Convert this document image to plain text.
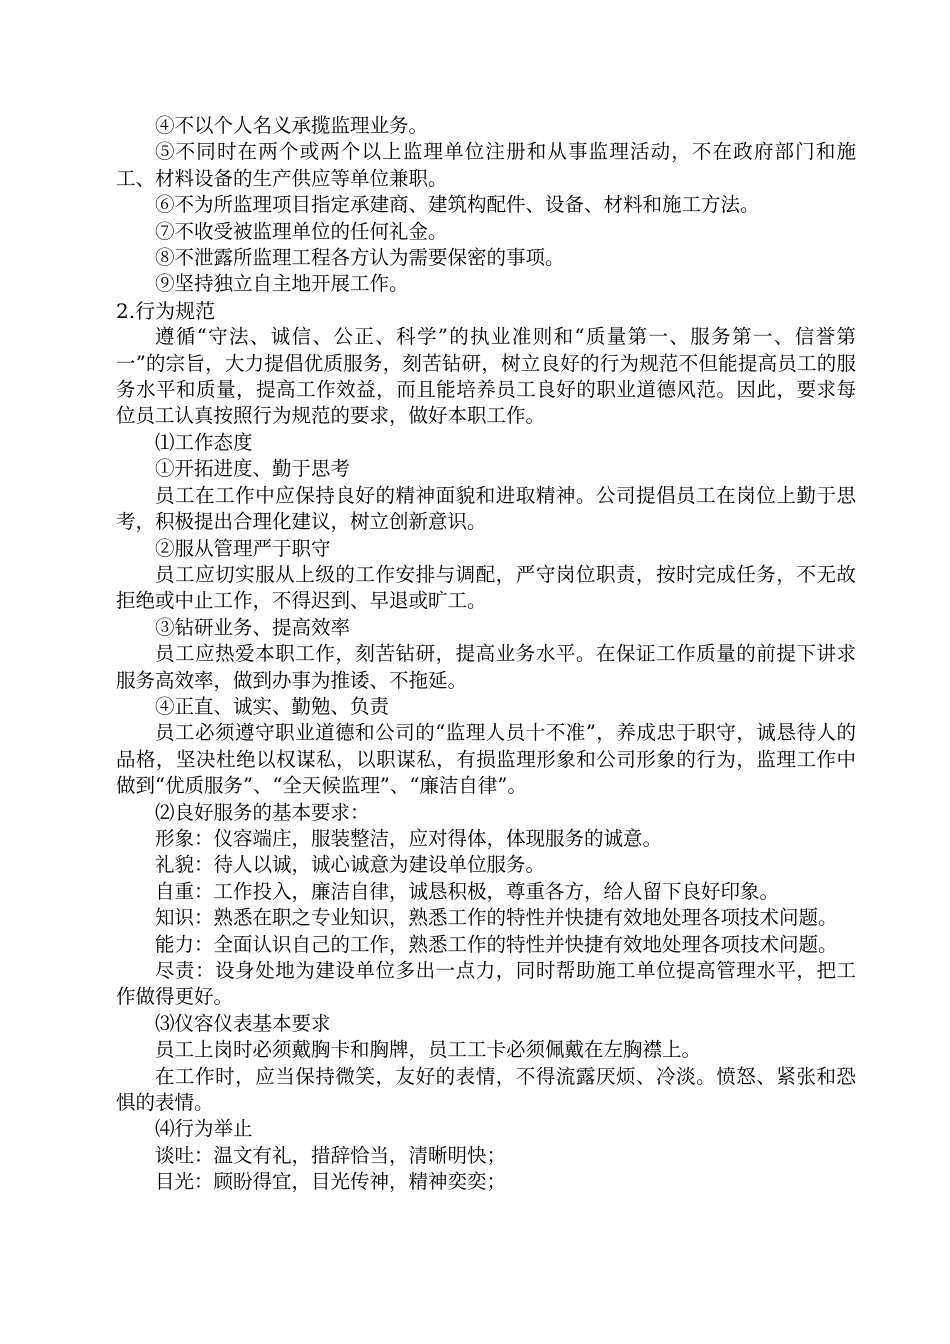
④不以个人名义承揽监理业务。

⑤不同时在两个或两个以上监理单位注册和从事监理活动，不在政府部门和施工、材料设备的生产供应等单位兼职。

⑥不为所监理项目指定承建商、建筑构配件、设备、材料和施工方法。

⑦不收受被监理单位的任何礼金。

⑧不泄露所监理工程各方认为需要保密的事项。

⑨坚持独立自主地开展工作。

2.行为规范

遵循“守法、诚信、公正、科学”的执业准则和“质量第一、服务第一、信誉第一”的宗旨，大力提倡优质服务，刻苦钻研，树立良好的行为规范不但能提高员工的服务水平和质量，提高工作效益，而且能培养员工良好的职业道德风范。因此，要求每位员工认真按照行为规范的要求，做好本职工作。

⑴工作态度

①开拓进度、勤于思考

员工在工作中应保持良好的精神面貌和进取精神。公司提倡员工在岗位上勤于思考，积极提出合理化建议，树立创新意识。

②服从管理严于职守

员工应切实服从上级的工作安排与调配，严守岗位职责，按时完成任务，不无故拒绝或中止工作，不得迟到、早退或旷工。

③钻研业务、提高效率

员工应热爱本职工作，刻苦钻研，提高业务水平。在保证工作质量的前提下讲求服务高效率，做到办事为推诿、不拖延。

④正直、诚实、勤勉、负责

员工必须遵守职业道德和公司的“监理人员十不准”，养成忠于职守，诚恳待人的品格，坚决杜绝以权谋私，以职谋私，有损监理形象和公司形象的行为，监理工作中做到“优质服务”、“全天候监理”、“廉洁自律”。

⑵良好服务的基本要求：

形象：仪容端庄，服装整洁，应对得体，体现服务的诚意。

礼貌：待人以诚，诚心诚意为建设单位服务。

自重：工作投入，廉洁自律，诚恳积极，尊重各方，给人留下良好印象。

知识：熟悉在职之专业知识，熟悉工作的特性并快捷有效地处理各项技术问题。

能力：全面认识自己的工作，熟悉工作的特性并快捷有效地处理各项技术问题。

尽责：设身处地为建设单位多出一点力，同时帮助施工单位提高管理水平，把工作做得更好。

⑶仪容仪表基本要求

员工上岗时必须戴胸卡和胸牌，员工工卡必须佩戴在左胸襟上。

在工作时，应当保持微笑，友好的表情，不得流露厌烦、冷淡。愤怒、紧张和恐惧的表情。

⑷行为举止

谈吐：温文有礼，措辞恰当，清晰明快；

目光：顾盼得宜，目光传神，精神奕奕；
